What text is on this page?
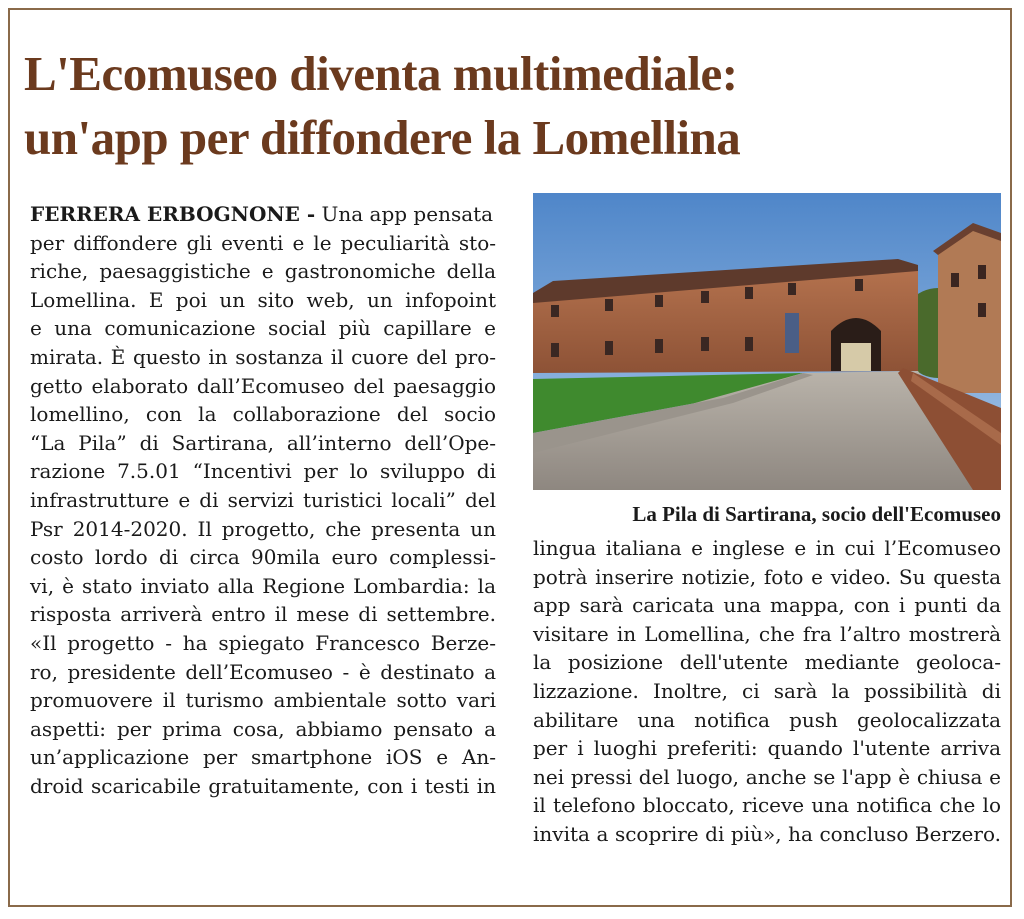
L'Ecomuseo diventa multimediale:
un'app per diffondere la Lomellina
FERRERA ERBOGNONE - Una app pensata
per diffondere gli eventi e le peculiarità sto-
riche, paesaggistiche e gastronomiche della
Lomellina. E poi un sito web, un infopoint
e una comunicazione social più capillare e
mirata. È questo in sostanza il cuore del pro-
getto elaborato dall’Ecomuseo del paesaggio
lomellino, con la collaborazione del socio
“La Pila” di Sartirana, all’interno dell’Ope-
razione 7.5.01 “Incentivi per lo sviluppo di
infrastrutture e di servizi turistici locali” del
Psr 2014-2020. Il progetto, che presenta un
costo lordo di circa 90mila euro complessi-
vi, è stato inviato alla Regione Lombardia: la
risposta arriverà entro il mese di settembre.
«Il progetto - ha spiegato Francesco Berze-
ro, presidente dell’Ecomuseo - è destinato a
promuovere il turismo ambientale sotto vari
aspetti: per prima cosa, abbiamo pensato a
un’applicazione per smartphone iOS e An-
droid scaricabile gratuitamente, con i testi in
La Pila di Sartirana, socio dell'Ecomuseo
lingua italiana e inglese e in cui l’Ecomuseo
potrà inserire notizie, foto e video. Su questa
app sarà caricata una mappa, con i punti da
visitare in Lomellina, che fra l’altro mostrerà
la posizione dell'utente mediante geoloca-
lizzazione. Inoltre, ci sarà la possibilità di
abilitare una notifica push geolocalizzata
per i luoghi preferiti: quando l'utente arriva
nei pressi del luogo, anche se l'app è chiusa e
il telefono bloccato, riceve una notifica che lo
invita a scoprire di più», ha concluso Berzero.
